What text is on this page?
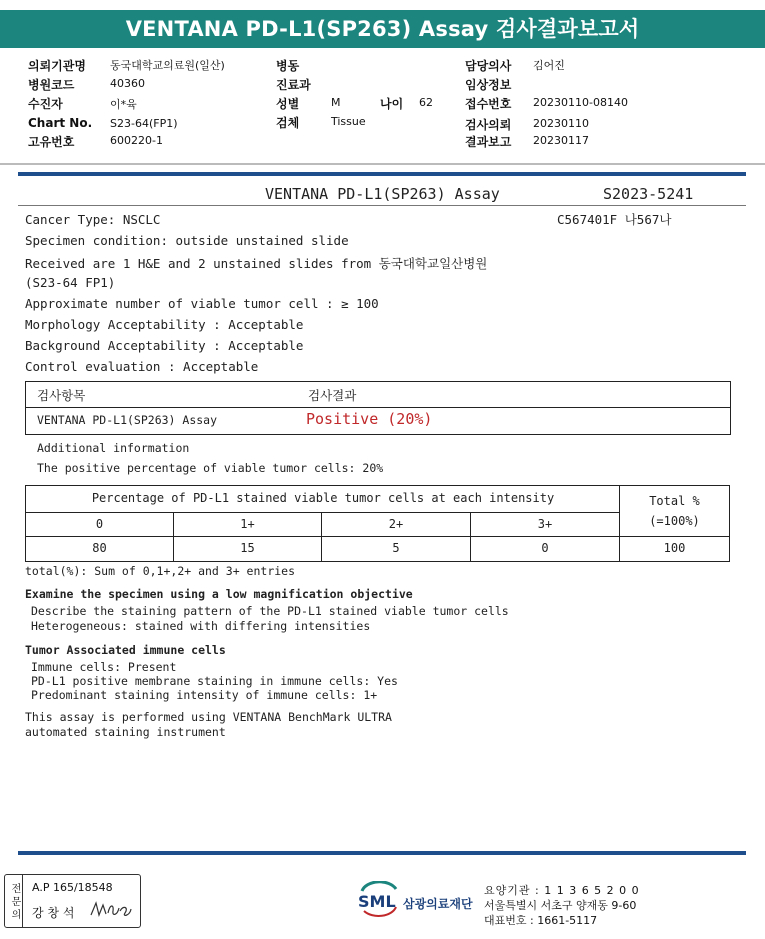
VENTANA PD-L1(SP263) Assay 검사결과보고서
의뢰기관명 동국대학교의료원(일산)
병원코드	40360
수진자	이*육
Chart No. S23-64(FP1)
고유번호	600220-1
병동
진료과
성별	M	나이 62
검체	Tissue
담당의사 김어진
임상정보
접수번호 20230110-08140
검사의뢰 20230110
결과보고 20230117
VENTANA PD-L1(SP263) Assay	S2023-5241
C567401F 나567나
Cancer Type: NSCLC
Specimen condition: outside unstained slide
Received are 1 H&E and 2 unstained slides from 동국대학교일산병원
(S23-64 FP1)
Approximate number of viable tumor cell : ≥ 100
Morphology Acceptability : Acceptable
Background Acceptability : Acceptable
Control evaluation : Acceptable
검사항목	검사결과
VENTANA PD-L1(SP263) Assay	Positive (20%)
Additional information
The positive percentage of viable tumor cells: 20%
Percentage of PD-L1 stained viable tumor cells at each intensity	Total %
(=100%)
0	1+	2+	3+
80	15	5	0	100
total(%): Sum of 0,1+,2+ and 3+ entries
Examine the specimen using a low magnification objective
Describe the staining pattern of the PD-L1 stained viable tumor cells
Heterogeneous: stained with differing intensities
Tumor Associated immune cells
Immune cells: Present
PD-L1 positive membrane staining in immune cells: Yes
Predominant staining intensity of immune cells: 1+
This assay is performed using VENTANA BenchMark ULTRA
automated staining instrument
전문의 A.P 165/18548
강 창 석
SML 삼광의료재단
요양기관 : 1 1 3 6 5 2 0 0
서울특별시 서초구 양재동 9-60
대표번호 : 1661-5117
